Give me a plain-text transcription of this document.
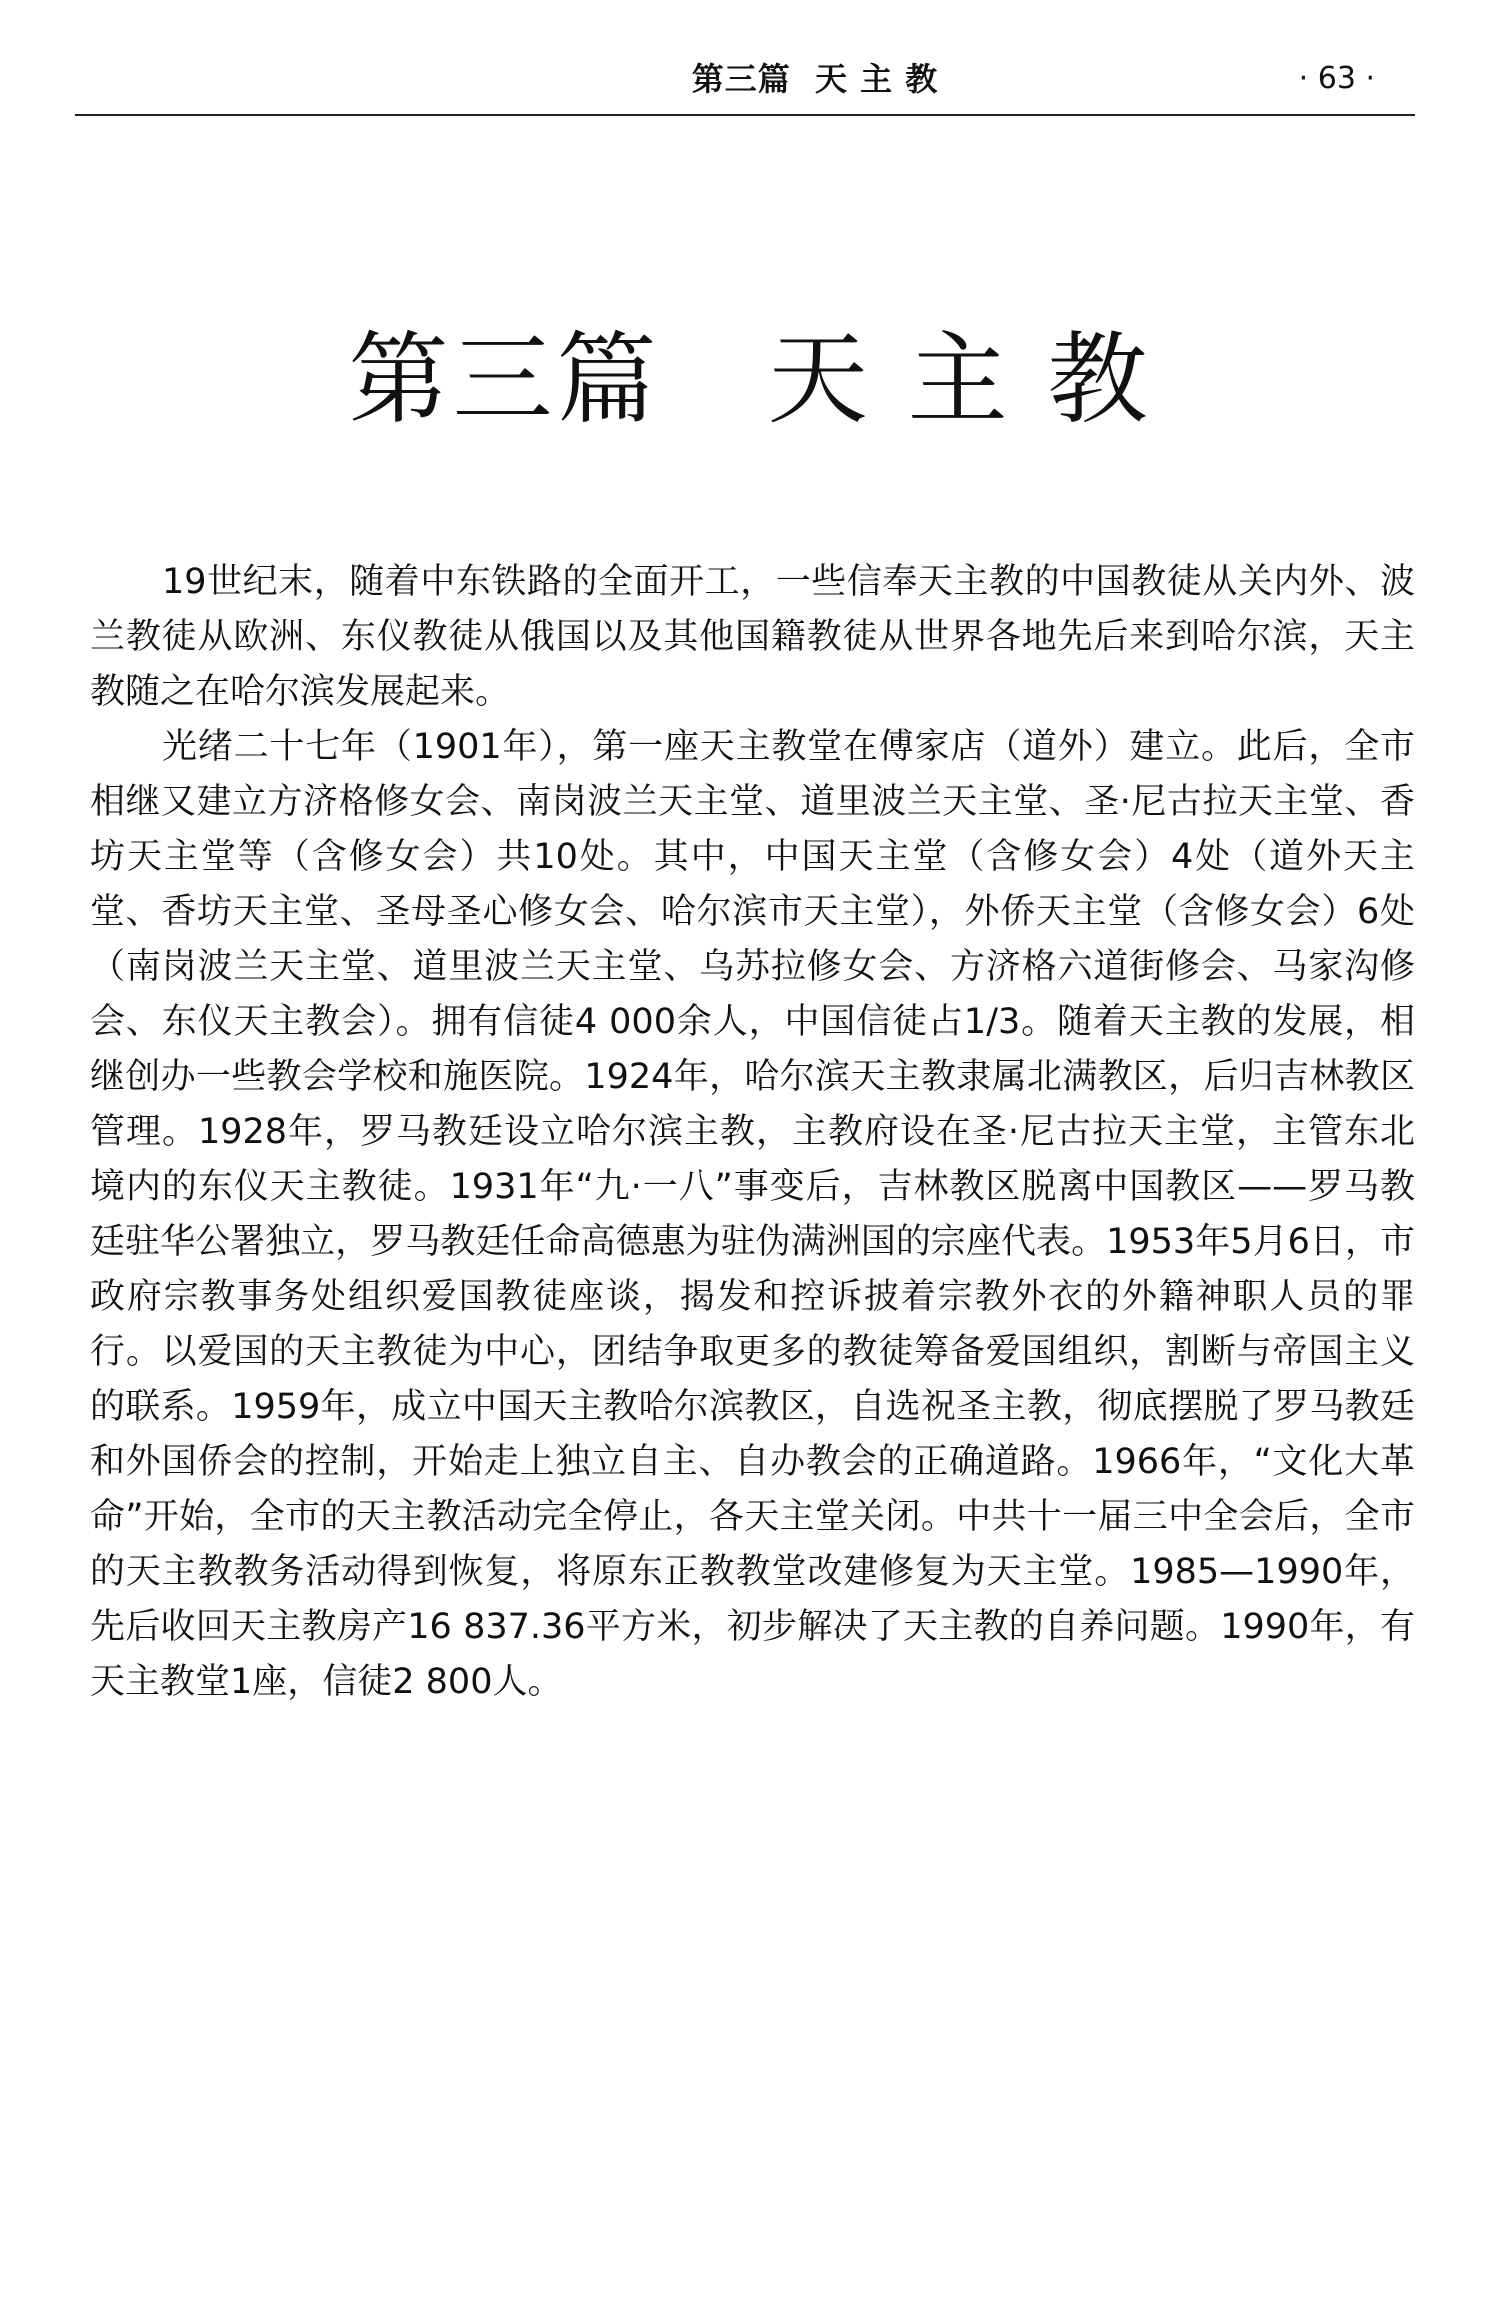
第三篇  天 主 教	· 63 ·
第三篇   天 主 教

19世纪末，随着中东铁路的全面开工，一些信奉天主教的中国教徒从关内外、波兰教徒从欧洲、东仪教徒从俄国以及其他国籍教徒从世界各地先后来到哈尔滨，天主教随之在哈尔滨发展起来。

光绪二十七年（1901年），第一座天主教堂在傅家店（道外）建立。此后，全市相继又建立方济格修女会、南岗波兰天主堂、道里波兰天主堂、圣·尼古拉天主堂、香坊天主堂等（含修女会）共10处。其中，中国天主堂（含修女会）4处（道外天主堂、香坊天主堂、圣母圣心修女会、哈尔滨市天主堂），外侨天主堂（含修女会）6处（南岗波兰天主堂、道里波兰天主堂、乌苏拉修女会、方济格六道街修会、马家沟修会、东仪天主教会）。拥有信徒4 000余人，中国信徒占1/3。随着天主教的发展，相继创办一些教会学校和施医院。1924年，哈尔滨天主教隶属北满教区，后归吉林教区管理。1928年，罗马教廷设立哈尔滨主教，主教府设在圣·尼古拉天主堂，主管东北境内的东仪天主教徒。1931年“九·一八”事变后，吉林教区脱离中国教区——罗马教廷驻华公署独立，罗马教廷任命高德惠为驻伪满洲国的宗座代表。1953年5月6日，市政府宗教事务处组织爱国教徒座谈，揭发和控诉披着宗教外衣的外籍神职人员的罪行。以爱国的天主教徒为中心，团结争取更多的教徒筹备爱国组织，割断与帝国主义的联系。1959年，成立中国天主教哈尔滨教区，自选祝圣主教，彻底摆脱了罗马教廷和外国侨会的控制，开始走上独立自主、自办教会的正确道路。1966年，“文化大革命”开始，全市的天主教活动完全停止，各天主堂关闭。中共十一届三中全会后，全市的天主教教务活动得到恢复，将原东正教教堂改建修复为天主堂。1985—1990年，先后收回天主教房产16 837.36平方米，初步解决了天主教的自养问题。1990年，有天主教堂1座，信徒2 800人。
